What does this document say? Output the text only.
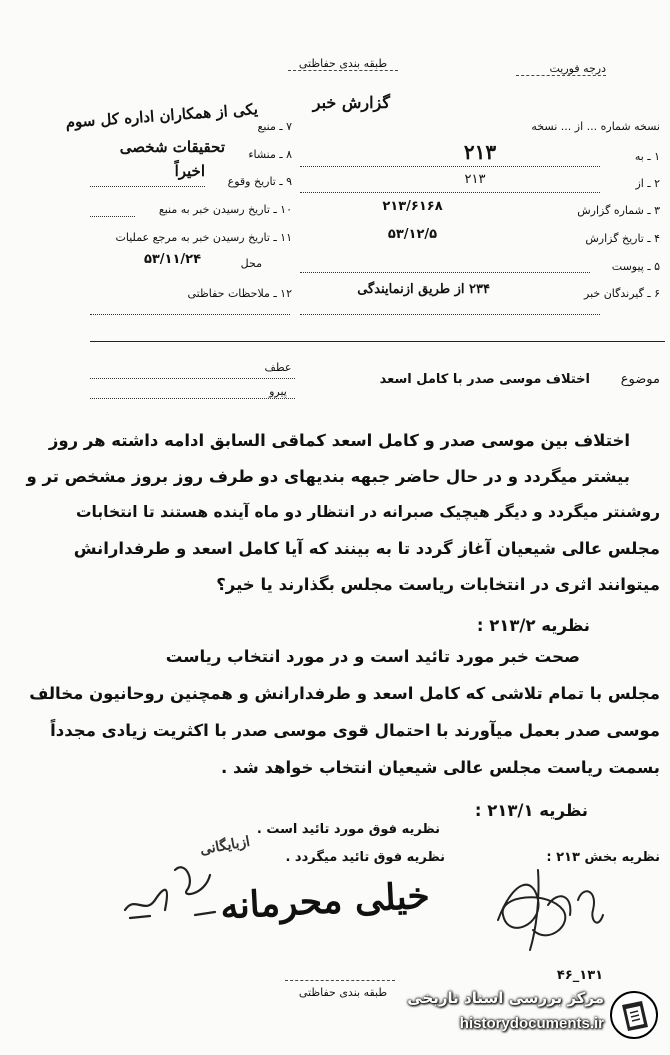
طبقه بندی حفاظتی	درجه فوریت
گزارش خبر
نسخه شماره ... از ... نسخه
۱ ـ به
۲۱۳
۲ ـ از
۲۱۳
۳ ـ شماره گزارش
۲۱۳/۶۱۶۸
۴ ـ تاریخ گزارش
۵۳/۱۲/۵
۵ ـ پیوست
۶ ـ گیرندگان خبر
۲۳۴ از طریق ازنمایندگی
۷ ـ منبع
یکی از همکاران اداره کل سوم
۸ ـ منشاء
تحقیقات شخصی
۹ ـ تاریخ وقوع
اخیراً
۱۰ ـ تاریخ رسیدن خبر به منبع
۱۱ ـ تاریخ رسیدن خبر به مرجع عملیات
محل
۵۳/۱۱/۲۴
۱۲ ـ ملاحظات حفاظتی
عطف
پیرو
موضوع
اختلاف موسی صدر با کامل اسعد
اختلاف بین موسی صدر و کامل اسعد کماقی السابق ادامه داشته هر روز
بیشتر میگردد و در حال حاضر جبهه بندیهای دو طرف روز بروز مشخص تر و
روشنتر میگردد و دیگر هیچیک صبرانه در انتظار دو ماه آینده هستند تا انتخابات
مجلس عالی شیعیان آغاز گردد تا به بینند که آیا کامل اسعد و طرفدارانش
میتوانند اثری در انتخابات ریاست مجلس بگذارند یا خیر؟
نظریه ۲۱۳/۲ :
صحت خبر مورد تائید است و در مورد انتخاب ریاست
مجلس با تمام تلاشی که کامل اسعد و طرفدارانش و همچنین روحانیون مخالف
موسی صدر بعمل میآورند با احتمال قوی موسی صدر با اکثریت زیادی مجدداً
بسمت ریاست مجلس عالی شیعیان انتخاب خواهد شد .
نظریه ۲۱۳/۱ :
نظریه فوق مورد تائید است .
نظریه بخش ۲۱۳ :
نظریه فوق تائید میگردد .
خیلی محرمانه
ازبایگانی
۱۳۱_۴۶
طبقه بندی حفاظتی	مرکز بررسی اسناد تاریخی
historydocuments.ir
